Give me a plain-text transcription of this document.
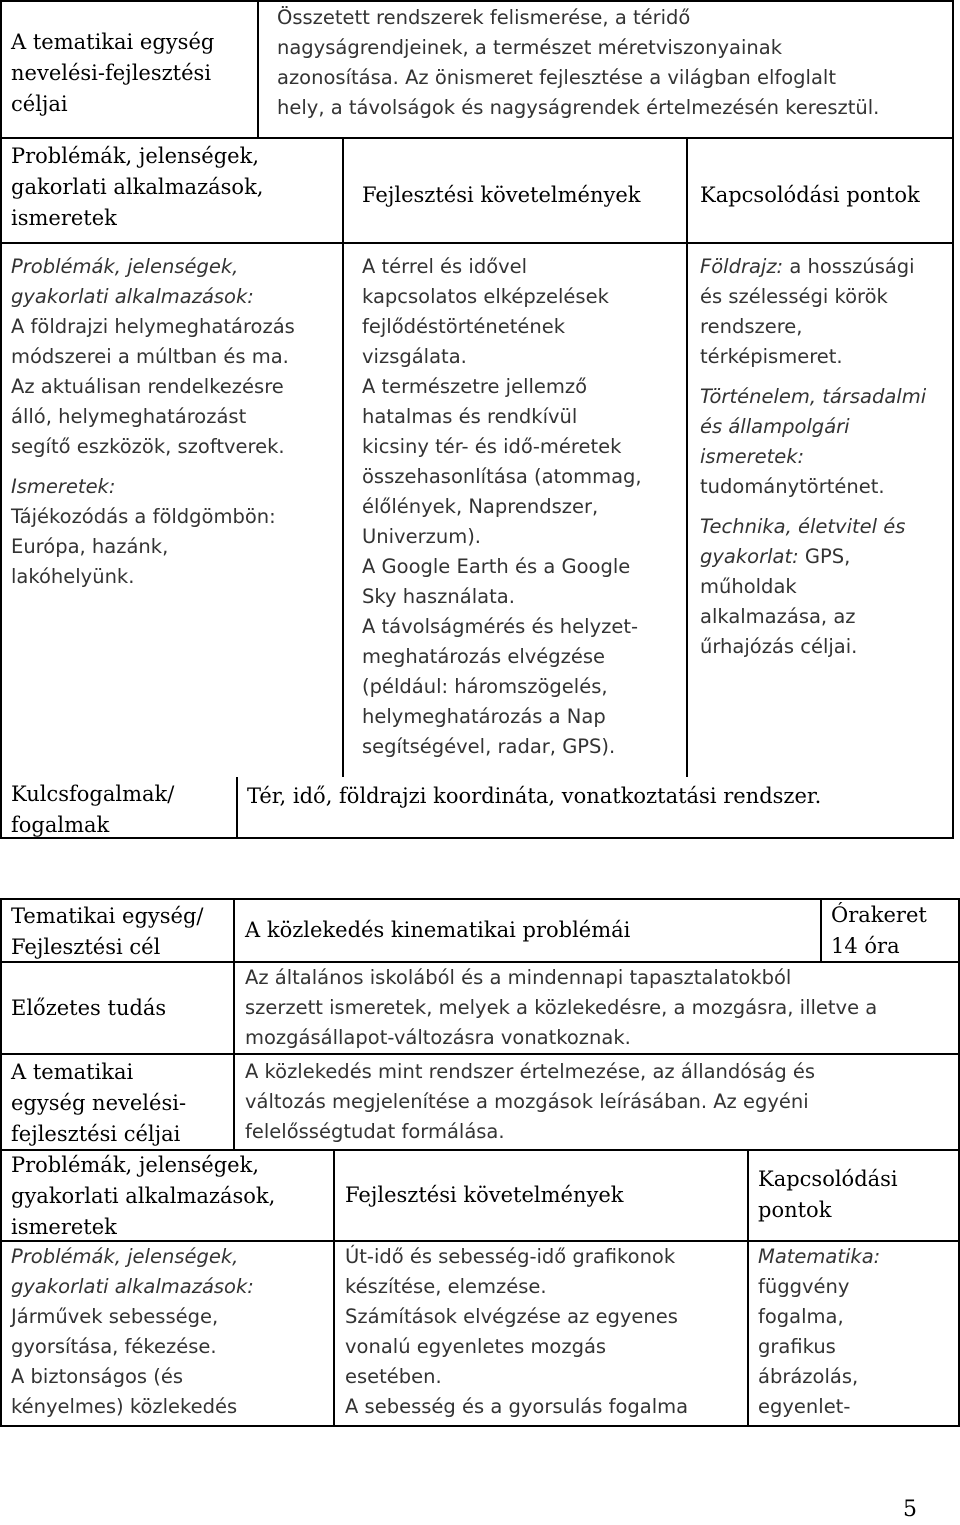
A tematikai egység
nevelési-fejlesztési
céljai
Összetett rendszerek felismerése, a téridő
nagyságrendjeinek, a természet méretviszonyainak
azonosítása. Az önismeret fejlesztése a világban elfoglalt
hely, a távolságok és nagyságrendek értelmezésén keresztül.
Problémák, jelenségek,
gakorlati alkalmazások,
ismeretek
Fejlesztési követelmények	Kapcsolódási pontok
Problémák, jelenségek,
gyakorlati alkalmazások:
A földrajzi helymeghatározás
módszerei a múltban és ma.
Az aktuálisan rendelkezésre
álló, helymeghatározást
segítő eszközök, szoftverek.
Ismeretek:
Tájékozódás a földgömbön:
Európa, hazánk,
lakóhelyünk.
A térrel és idővel
kapcsolatos elképzelések
fejlődéstörténetének
vizsgálata.
A természetre jellemző
hatalmas és rendkívül
kicsiny tér- és idő-méretek
összehasonlítása (atommag,
élőlények, Naprendszer,
Univerzum).
A Google Earth és a Google
Sky használata.
A távolságmérés és helyzet-
meghatározás elvégzése
(például: háromszögelés,
helymeghatározás a Nap
segítségével, radar, GPS).
Földrajz: a hosszúsági
és szélességi körök
rendszere,
térképismeret.
Történelem, társadalmi
és állampolgári
ismeretek:
tudománytörténet.
Technika, életvitel és
gyakorlat: GPS,
műholdak
alkalmazása, az
űrhajózás céljai.
Kulcsfogalmak/
fogalmak
Tér, idő, földrajzi koordináta, vonatkoztatási rendszer.
Tematikai egység/
Fejlesztési cél
A közlekedés kinematikai problémái
Órakeret
14 óra
Előzetes tudás
Az általános iskolából és a mindennapi tapasztalatokból
szerzett ismeretek, melyek a közlekedésre, a mozgásra, illetve a
mozgásállapot-változásra vonatkoznak.
A tematikai
egység nevelési-
fejlesztési céljai
A közlekedés mint rendszer értelmezése, az állandóság és
változás megjelenítése a mozgások leírásában. Az egyéni
felelősségtudat formálása.
Problémák, jelenségek,
gyakorlati alkalmazások,
ismeretek
Fejlesztési követelmények
Kapcsolódási
pontok
Problémák, jelenségek,
gyakorlati alkalmazások:
Járművek sebessége,
gyorsítása, fékezése.
A biztonságos (és
kényelmes) közlekedés
Út-idő és sebesség-idő grafikonok
készítése, elemzése.
Számítások elvégzése az egyenes
vonalú egyenletes mozgás
esetében.
A sebesség és a gyorsulás fogalma
Matematika:
függvény
fogalma,
grafikus
ábrázolás,
egyenlet-
5
